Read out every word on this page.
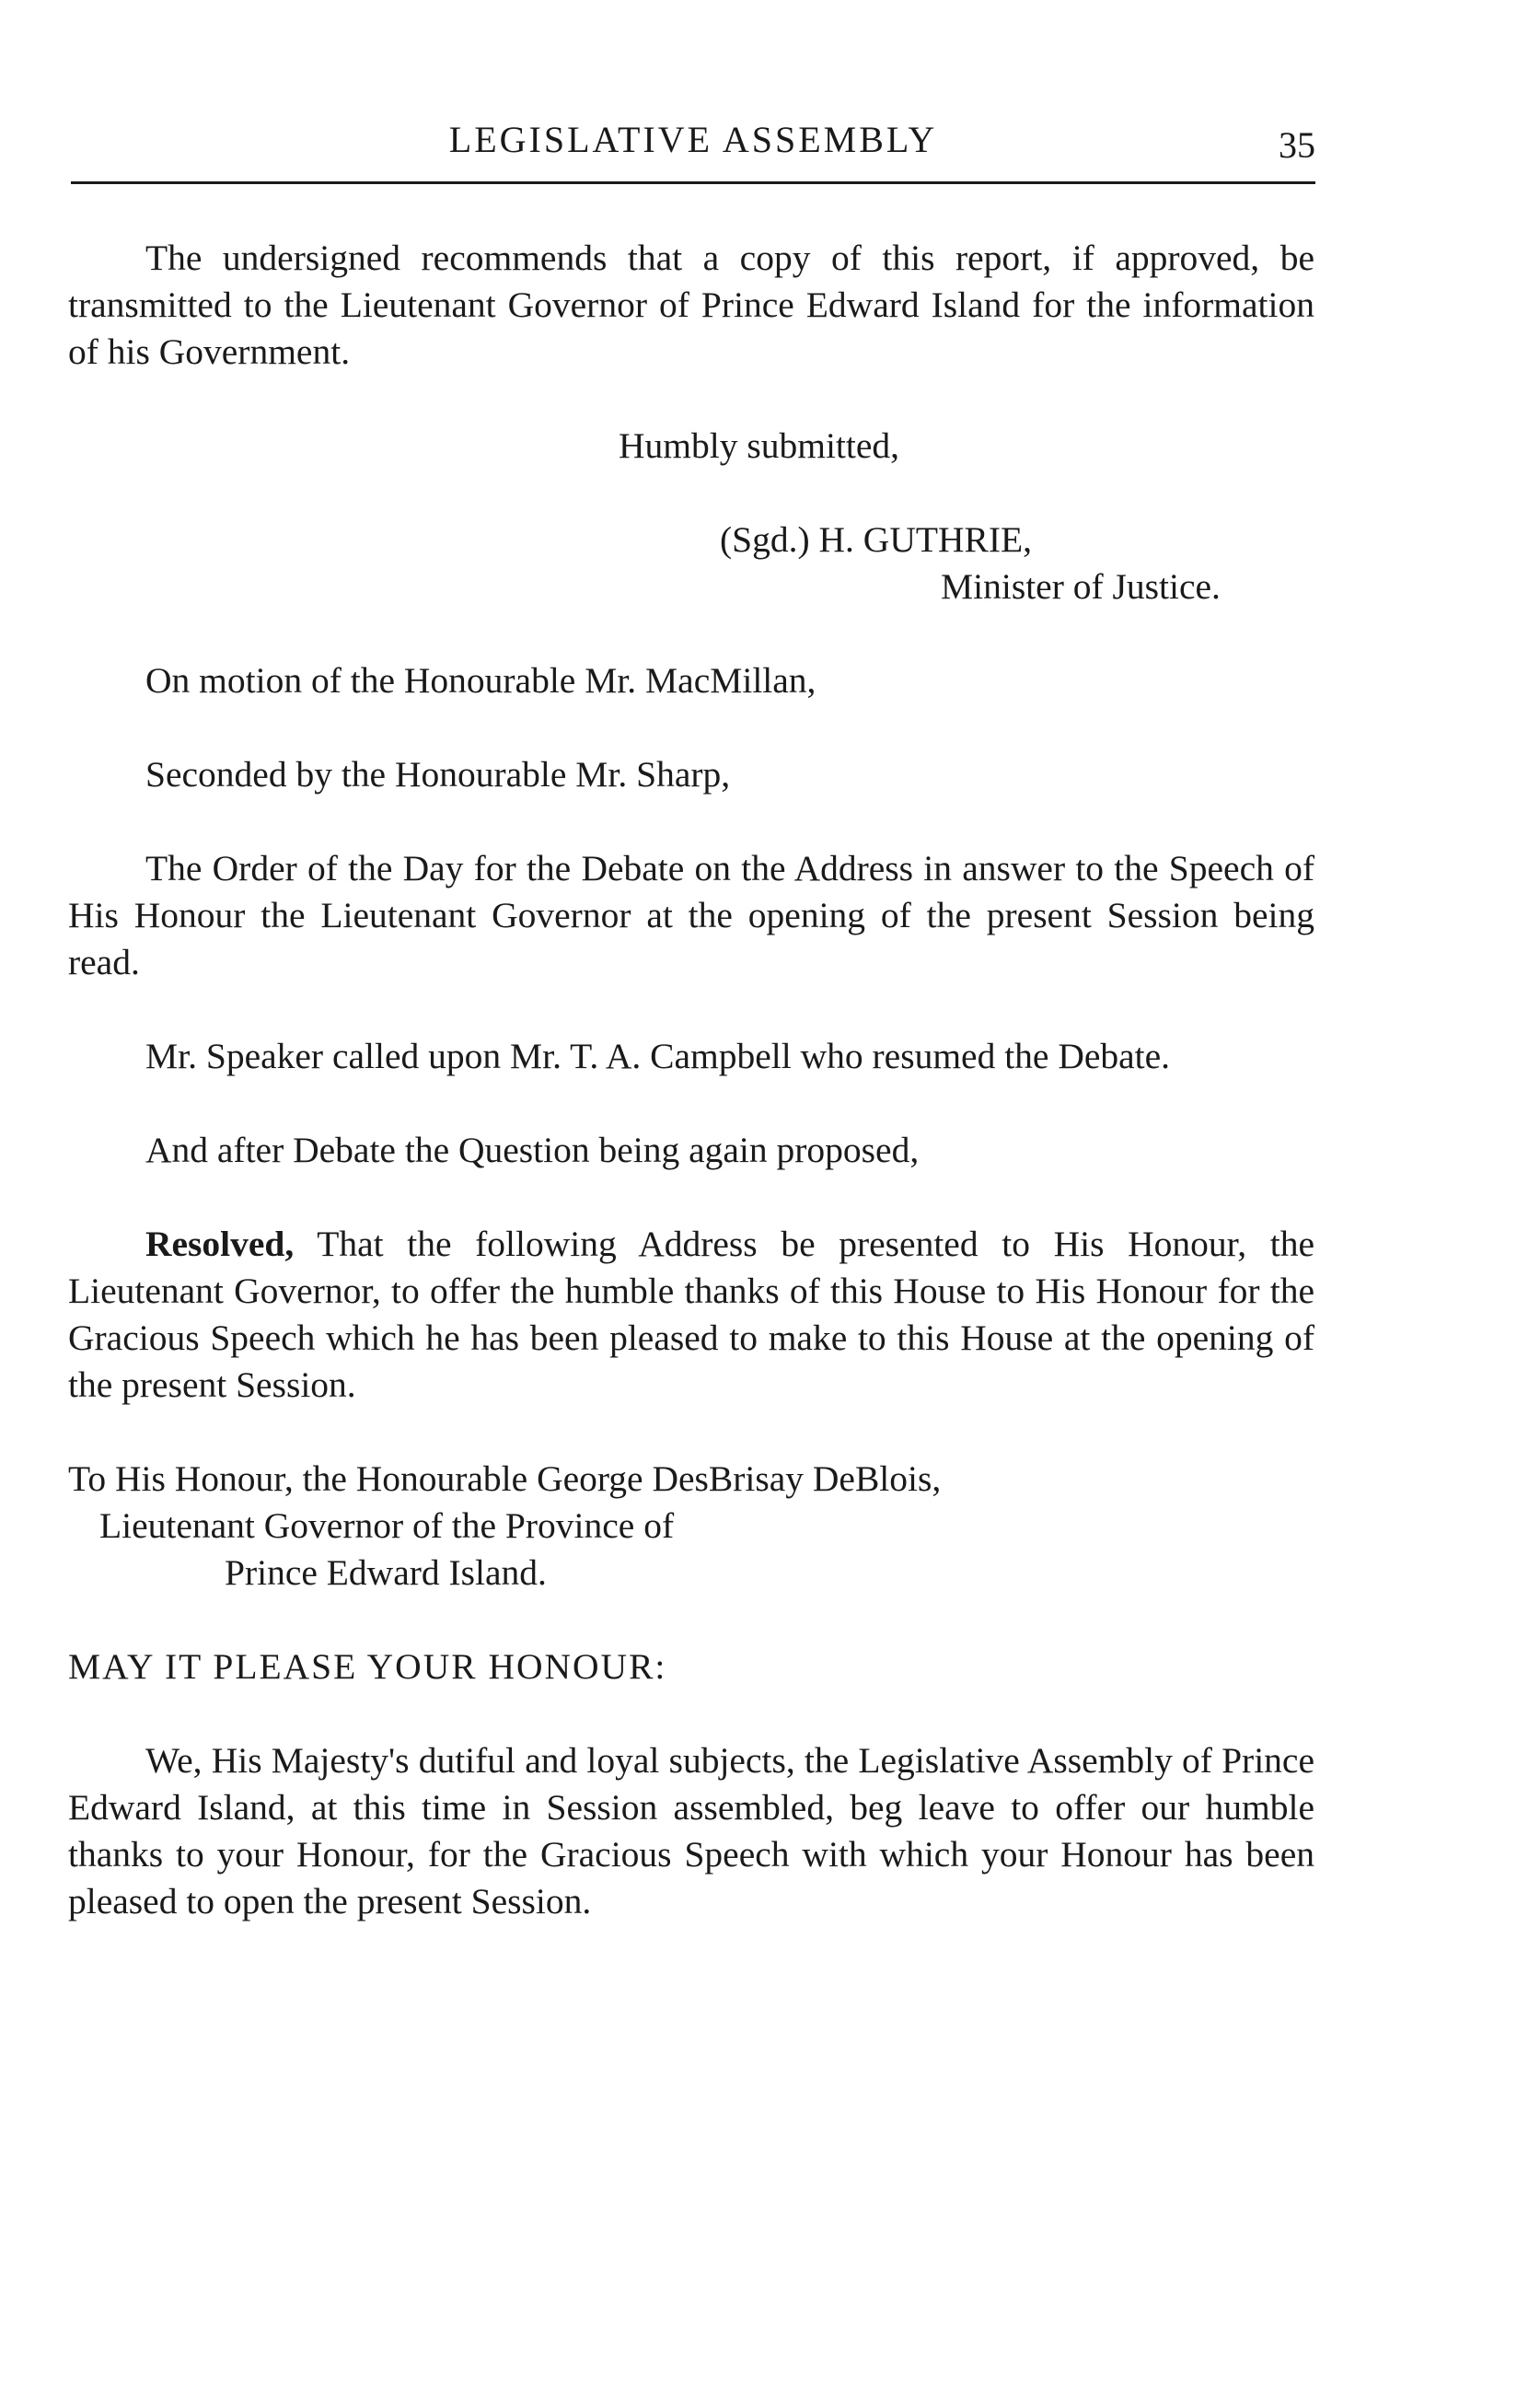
LEGISLATIVE ASSEMBLY	35

The undersigned recommends that a copy of this report, if approved, be transmitted to the Lieutenant Governor of Prince Edward Island for the information of his Government.

Humbly submitted,

(Sgd.) H. GUTHRIE,

Minister of Justice.

On motion of the Honourable Mr. MacMillan,

Seconded by the Honourable Mr. Sharp,

The Order of the Day for the Debate on the Address in answer to the Speech of His Honour the Lieutenant Governor at the opening of the present Session being read.

Mr. Speaker called upon Mr. T. A. Campbell who resumed the Debate.

And after Debate the Question being again proposed,

Resolved, That the following Address be presented to His Honour, the Lieutenant Governor, to offer the humble thanks of this House to His Honour for the Gracious Speech which he has been pleased to make to this House at the opening of the present Session.

To His Honour, the Honourable George DesBrisay DeBlois,

Lieutenant Governor of the Province of

Prince Edward Island.

MAY IT PLEASE YOUR HONOUR:

We, His Majesty's dutiful and loyal subjects, the Legislative Assembly of Prince Edward Island, at this time in Session assembled, beg leave to offer our humble thanks to your Honour, for the Gracious Speech with which your Honour has been pleased to open the present Session.
